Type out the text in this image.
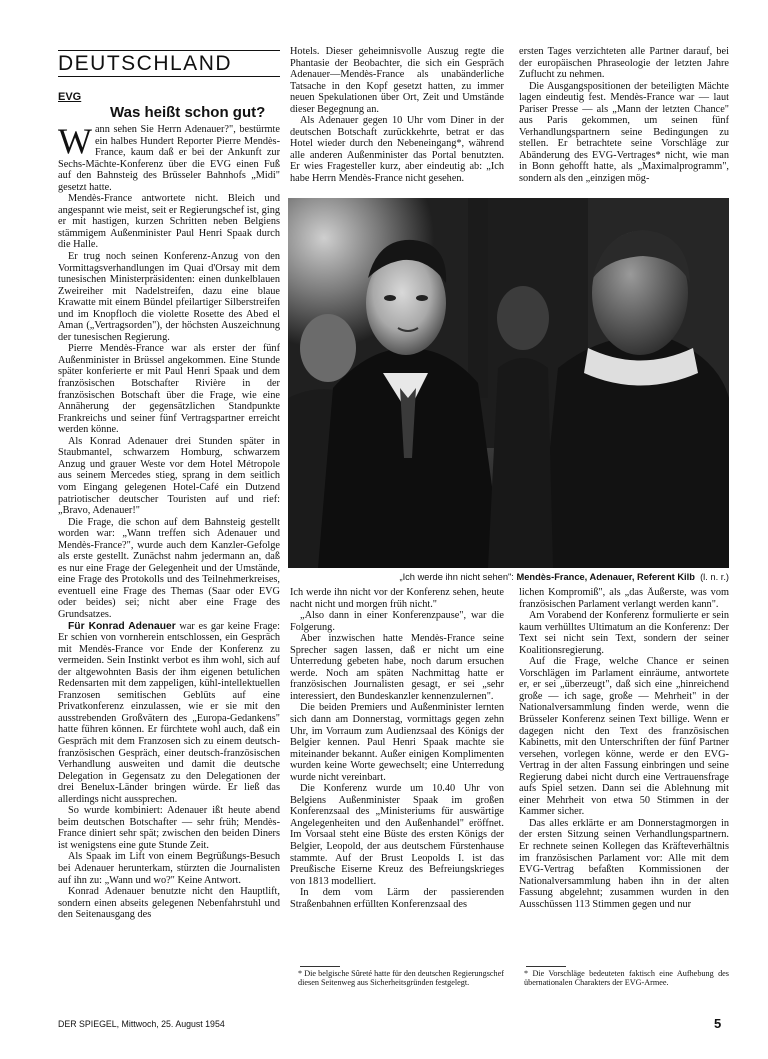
DEUTSCHLAND
EVG
Was heißt schon gut?

Wann sehen Sie Herrn Adenauer?", bestürmte ein halbes Hundert Reporter Pierre Mendès-France, kaum daß er bei der Ankunft zur Sechs-Mächte-Konferenz über die EVG einen Fuß auf den Bahnsteig des Brüsseler Bahnhofs „Midi" gesetzt hatte.

Mendès-France antwortete nicht. Bleich und angespannt wie meist, seit er Regierungschef ist, ging er mit hastigen, kurzen Schritten neben Belgiens stämmigem Außenminister Paul Henri Spaak durch die Halle.

Er trug noch seinen Konferenz-Anzug von den Vormittagsverhandlungen im Quai d'Orsay mit dem tunesischen Ministerpräsidenten: einen dunkelblauen Zweireiher mit Nadelstreifen, dazu eine blaue Krawatte mit einem Bündel pfeilartiger Silberstreifen und im Knopfloch die violette Rosette des Abed el Aman („Vertragsorden"), der höchsten Auszeichnung der tunesischen Regierung.

Pierre Mendès-France war als erster der fünf Außenminister in Brüssel angekommen. Eine Stunde später konferierte er mit Paul Henri Spaak und dem französischen Botschafter Rivière in der französischen Botschaft über die Frage, wie eine Annäherung der gegensätzlichen Standpunkte Frankreichs und seiner fünf Vertragspartner erreicht werden könne.

Als Konrad Adenauer drei Stunden später in Staubmantel, schwarzem Homburg, schwarzem Anzug und grauer Weste vor dem Hotel Métropole aus seinem Mercedes stieg, sprang in dem seitlich vom Eingang gelegenen Hotel-Café ein Dutzend patriotischer deutscher Touristen auf und rief: „Bravo, Adenauer!"

Die Frage, die schon auf dem Bahnsteig gestellt worden war: „Wann treffen sich Adenauer und Mendès-France?", wurde auch dem Kanzler-Gefolge als erste gestellt. Zunächst nahm jedermann an, daß es nur eine Frage der Gelegenheit und der Umstände, eine Frage des Protokolls und des Teilnehmerkreises, eventuell eine Frage des Themas (Saar oder EVG oder beides) sei; nicht aber eine Frage des Grundsatzes.

Für Konrad Adenauer war es gar keine Frage: Er schien von vornherein entschlossen, ein Gespräch mit Mendès-France vor Ende der Konferenz zu vermeiden. Sein Instinkt verbot es ihm wohl, sich auf der altgewohnten Basis der ihm eigenen betulichen Redensarten mit dem zappeligen, kühl-intellektuellen Franzosen semitischen Geblüts auf eine Privatkonferenz einzulassen, wie er sie mit den ausstrebenden Großvätern des „Europa-Gedankens" hatte führen können. Er fürchtete wohl auch, daß ein Gespräch mit dem Franzosen sich zu einem deutsch-französischen Gespräch, einer deutsch-französischen Verhandlung ausweiten und damit die deutsche Delegation in Gegensatz zu den Delegationen der drei Benelux-Länder bringen würde. Er ließ das allerdings nicht aussprechen.

So wurde kombiniert: Adenauer ißt heute abend beim deutschen Botschafter — sehr früh; Mendès-France diniert sehr spät; zwischen den beiden Diners ist wenigstens eine gute Stunde Zeit.

Als Spaak im Lift von einem Begrüßungs-Besuch bei Adenauer herunterkam, stürzten die Journalisten auf ihn zu: „Wann und wo?" Keine Antwort.

Konrad Adenauer benutzte nicht den Hauptlift, sondern einen abseits gelegenen Nebenfahrstuhl und den Seitenausgang des

Hotels. Dieser geheimnisvolle Auszug regte die Phantasie der Beobachter, die sich ein Gespräch Adenauer—Mendès-France als unabänderliche Tatsache in den Kopf gesetzt hatten, zu immer neuen Spekulationen über Ort, Zeit und Umstände dieser Begegnung an.

Als Adenauer gegen 10 Uhr vom Diner in der deutschen Botschaft zurückkehrte, betrat er das Hotel wieder durch den Nebeneingang*, während alle anderen Außenminister das Portal benutzten. Er wies Fragesteller kurz, aber eindeutig ab: „Ich habe Herrn Mendès-France nicht gesehen.

ersten Tages verzichteten alle Partner darauf, bei der europäischen Phraseologie der letzten Jahre Zuflucht zu nehmen.

Die Ausgangspositionen der beteiligten Mächte lagen eindeutig fest. Mendès-France war — laut Pariser Presse — als „Mann der letzten Chance" aus Paris gekommen, um seinen fünf Verhandlungspartnern seine Bedingungen zu stellen. Er betrachtete seine Vorschläge zur Abänderung des EVG-Vertrages* nicht, wie man in Bonn gehofft hatte, als „Maximalprogramm", sondern als den „einzigen mög-

„Ich werde ihn nicht sehen": Mendès-France, Adenauer, Referent Kilb  (l. n. r.)

Ich werde ihn nicht vor der Konferenz sehen, heute nacht nicht und morgen früh nicht."

„Also dann in einer Konferenzpause", war die Folgerung.

Aber inzwischen hatte Mendès-France seine Sprecher sagen lassen, daß er nicht um eine Unterredung gebeten habe, noch darum ersuchen werde. Noch am späten Nachmittag hatte er französischen Journalisten gesagt, er sei „sehr interessiert, den Bundeskanzler kennenzulernen".

Die beiden Premiers und Außenminister lernten sich dann am Donnerstag, vormittags gegen zehn Uhr, im Vorraum zum Audienzsaal des Königs der Belgier kennen. Paul Henri Spaak machte sie miteinander bekannt. Außer einigen Komplimenten wurden keine Worte gewechselt; eine Unterredung wurde nicht vereinbart.

Die Konferenz wurde um 10.40 Uhr von Belgiens Außenminister Spaak im großen Konferenzsaal des „Ministeriums für auswärtige Angelegenheiten und den Außenhandel" eröffnet. Im Vorsaal steht eine Büste des ersten Königs der Belgier, Leopold, der aus deutschem Fürstenhause stammte. Auf der Brust Leopolds I. ist das Preußische Eiserne Kreuz des Befreiungskrieges von 1813 modelliert.

In dem vom Lärm der passierenden Straßenbahnen erfüllten Konferenzsaal des

* Die belgische Sûreté hatte für den deutschen Regierungschef diesen Seitenweg aus Sicherheitsgründen festgelegt.

lichen Kompromiß", als „das Äußerste, was vom französischen Parlament verlangt werden kann".

Am Vorabend der Konferenz formulierte er sein kaum verhülltes Ultimatum an die Konferenz: Der Text sei nicht sein Text, sondern der seiner Koalitionsregierung.

Auf die Frage, welche Chance er seinen Vorschlägen im Parlament einräume, antwortete er, er sei „überzeugt", daß sich eine „hinreichend große — ich sage, große — Mehrheit" in der Nationalversammlung finden werde, wenn die Brüsseler Konferenz seinen Text billige. Wenn er dagegen nicht den Text des französischen Kabinetts, mit den Unterschriften der fünf Partner versehen, vorlegen könne, werde er den EVG-Vertrag in der alten Fassung einbringen und seine Regierung dabei nicht durch eine Vertrauensfrage aufs Spiel setzen. Dann sei die Ablehnung mit einer Mehrheit von etwa 50 Stimmen in der Kammer sicher.

Das alles erklärte er am Donnerstagmorgen in der ersten Sitzung seinen Verhandlungspartnern. Er rechnete seinen Kollegen das Kräfteverhältnis im französischen Parlament vor: Alle mit dem EVG-Vertrag befaßten Kommissionen der Nationalversammlung haben ihn in der alten Fassung abgelehnt; zusammen wurden in den Ausschüssen 113 Stimmen gegen und nur

* Die Vorschläge bedeuteten faktisch eine Aufhebung des übernationalen Charakters der EVG-Armee.
DER SPIEGEL, Mittwoch, 25. August 1954	5
